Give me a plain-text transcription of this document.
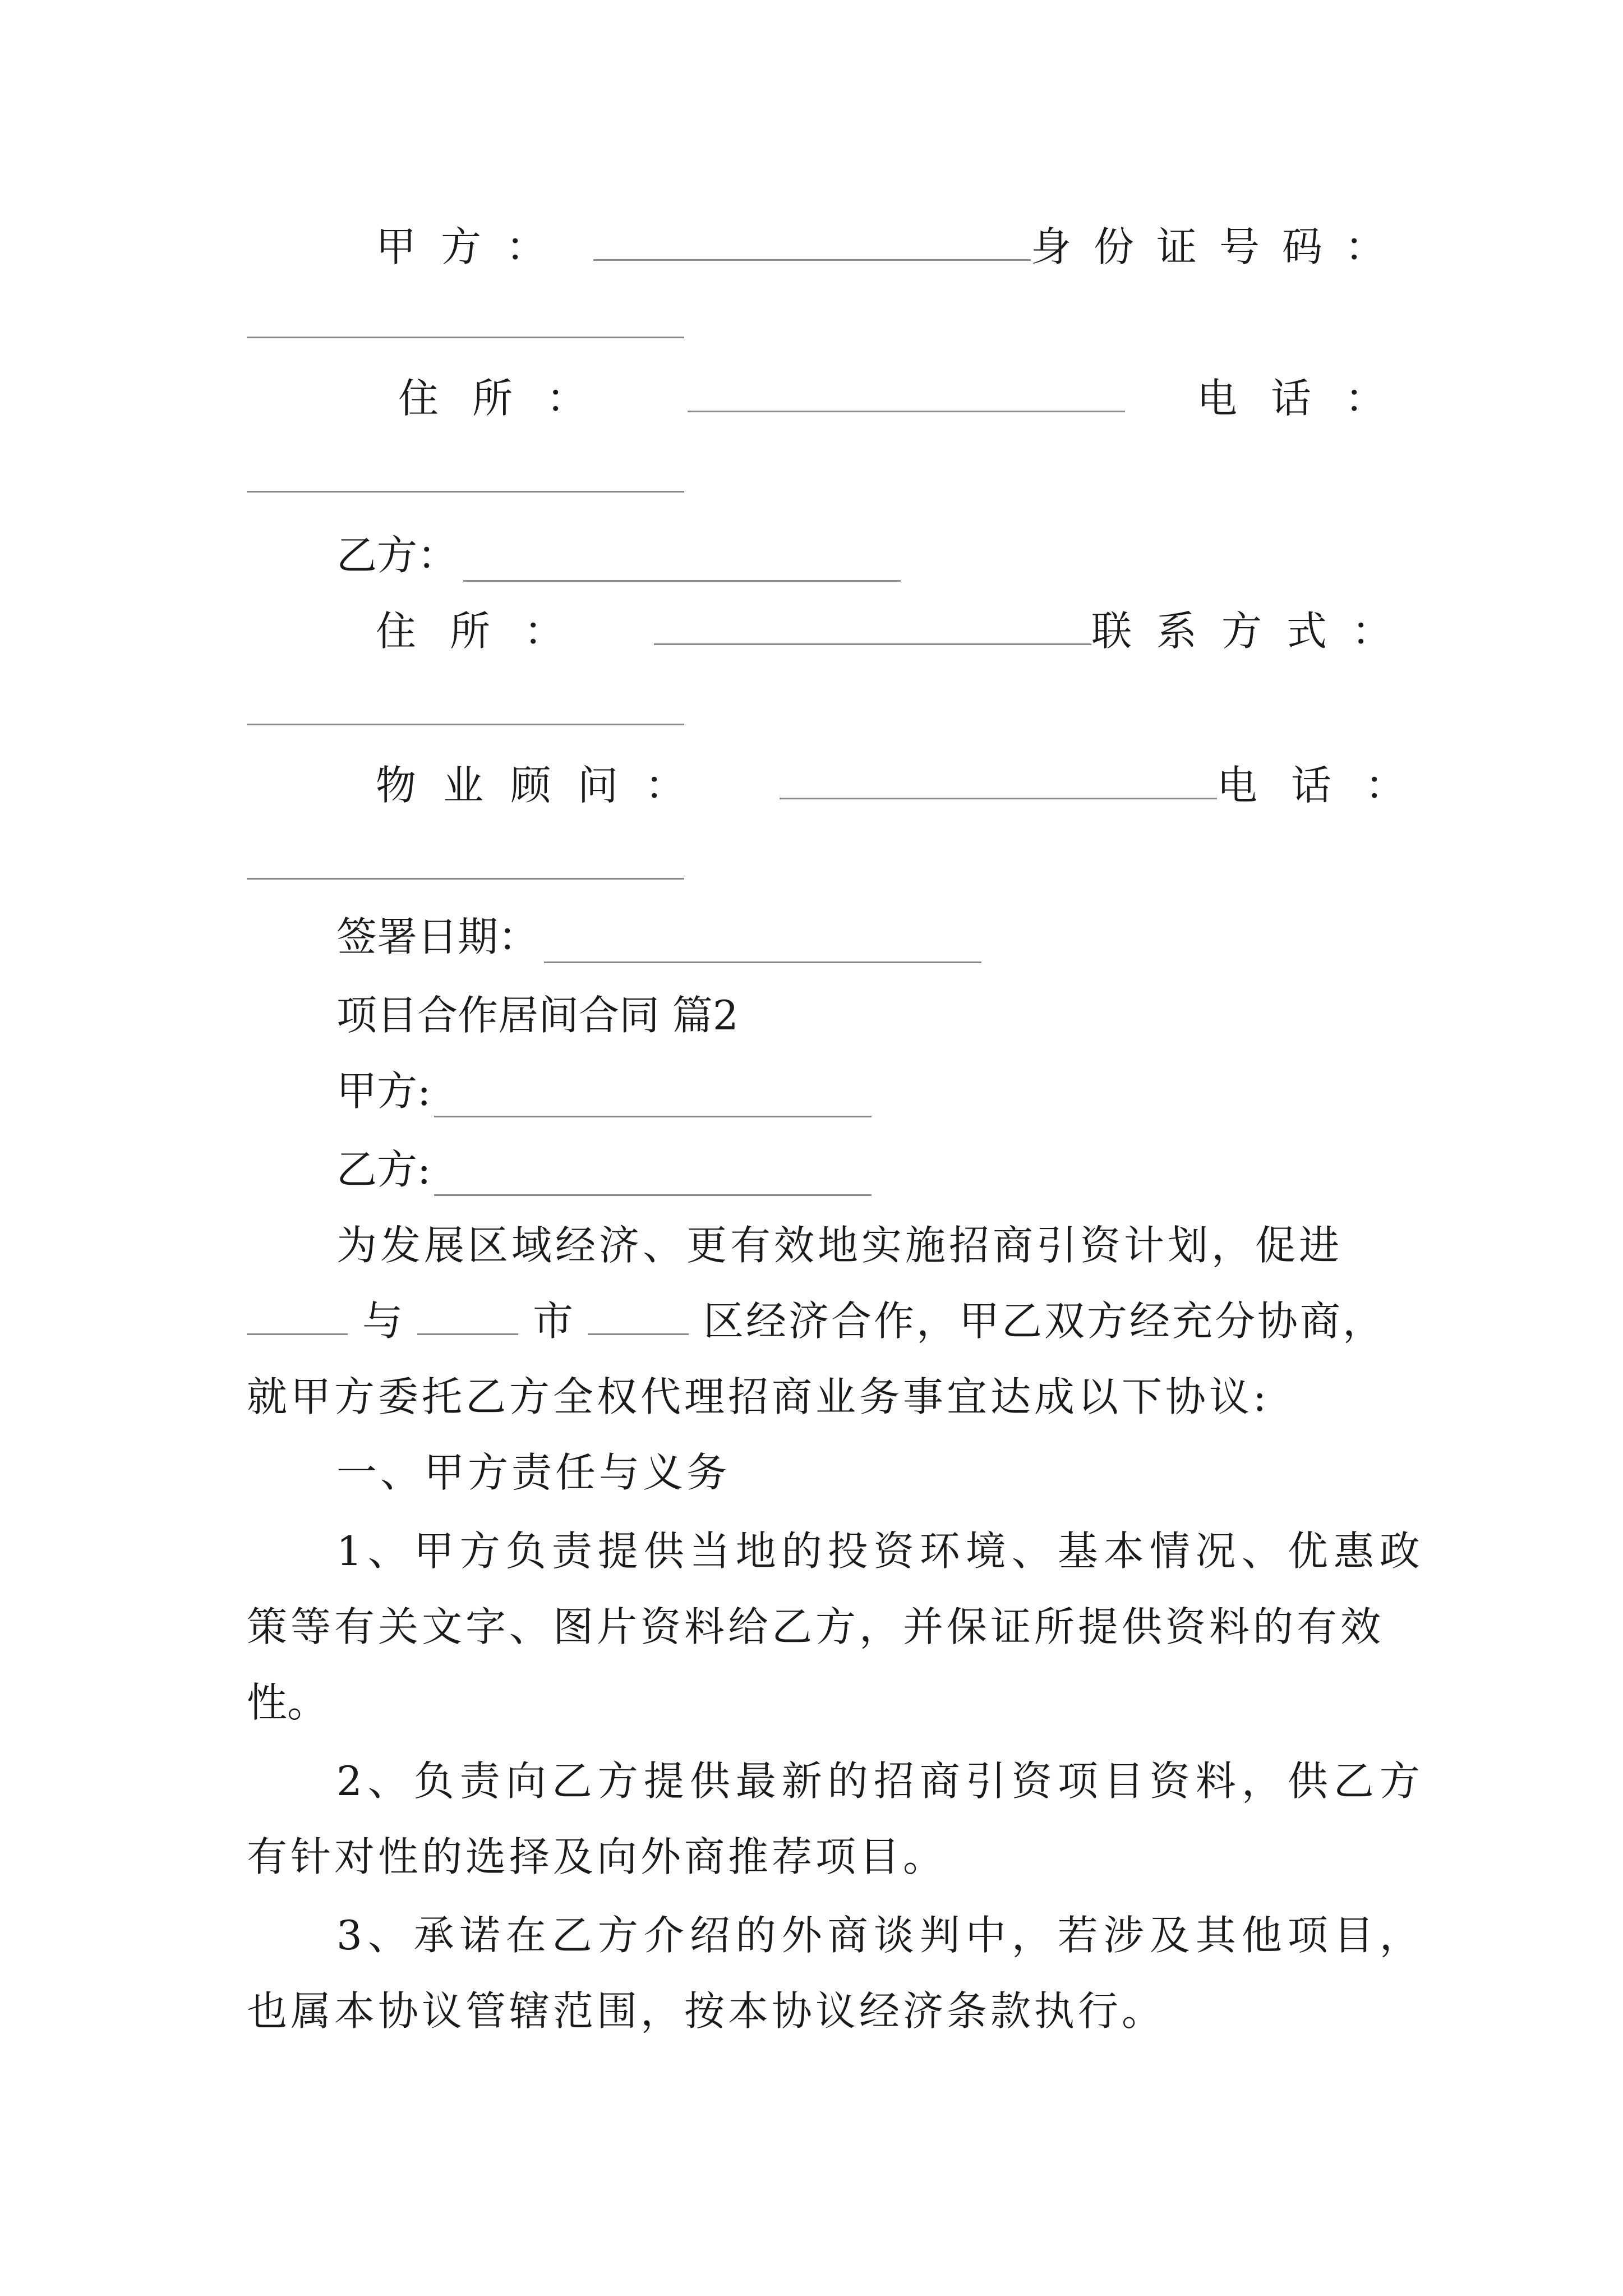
甲方：	身份证号码：
住所：	电话：
乙方：
住所：	联系方式：
物业顾问：	电话：
签署日期：
项目合作居间合同 篇2
甲方:
乙方:
为发展区域经济、更有效地实施招商引资计划，促进
与	市	区经济合作，甲乙双方经充分协商，
就甲方委托乙方全权代理招商业务事宜达成以下协议:
一、甲方责任与义务
1、甲方负责提供当地的投资环境、基本情况、优惠政
策等有关文字、图片资料给乙方，并保证所提供资料的有效
性。
2、负责向乙方提供最新的招商引资项目资料，供乙方
有针对性的选择及向外商推荐项目。
3、承诺在乙方介绍的外商谈判中，若涉及其他项目，
也属本协议管辖范围，按本协议经济条款执行。
